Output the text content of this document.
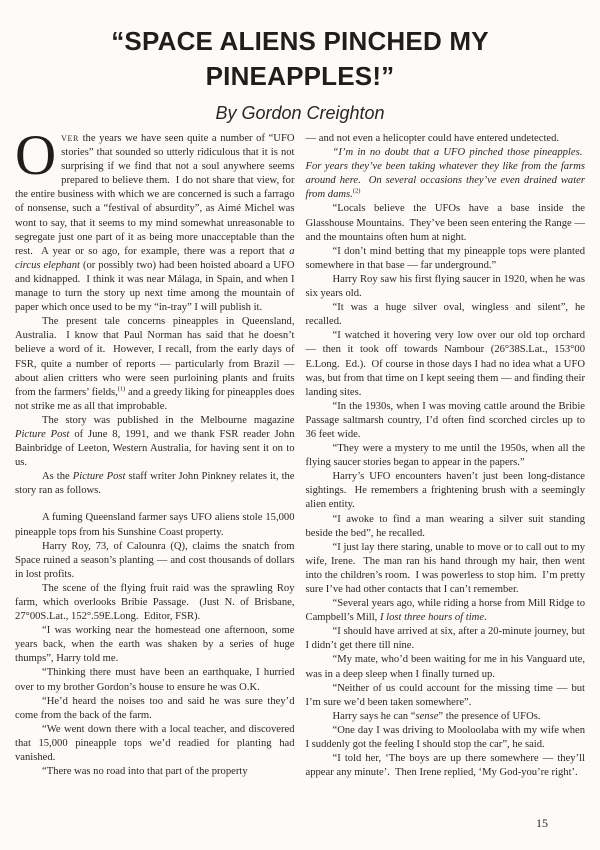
“SPACE ALIENS PINCHED MY PINEAPPLES!”
By Gordon Creighton

OVER the years we have seen quite a number of “UFO stories” that sounded so utterly ridiculous that it is not surprising if we find that not a soul anywhere seems prepared to believe them.  I do not share that view, for the entire business with which we are concerned is such a farrago of nonsense, such a “festival of absurdity”, as Aimé Michel was wont to say, that it seems to my mind somewhat unreasonable to segregate just one part of it as being more unacceptable than the rest.  A year or so ago, for example, there was a report that a circus elephant (or possibly two) had been hoisted aboard a UFO and kidnapped.  I think it was near Málaga, in Spain, and when I manage to turn the story up next time among the mountain of paper which once used to be my “in-tray” I will publish it.

The present tale concerns pineapples in Queensland, Australia.  I know that Paul Norman has said that he doesn’t believe a word of it.  However, I recall, from the early days of FSR, quite a number of reports — particularly from Brazil — about alien critters who were seen purloining plants and fruits from the farmers’ fields,$^{(1)}$ and a greedy liking for pineapples does not strike me as all that improbable.

The story was published in the Melbourne magazine Picture Post of June 8, 1991, and we thank FSR reader John Bainbridge of Leeton, Western Australia, for having sent it on to us.

As the Picture Post staff writer John Pinkney relates it, the story ran as follows.

A fuming Queensland farmer says UFO aliens stole 15,000 pineapple tops from his Sunshine Coast property.

Harry Roy, 73, of Calounra (Q), claims the snatch from Space ruined a season’s planting — and cost thousands of dollars in lost profits.

The scene of the flying fruit raid was the sprawling Roy farm, which overlooks Bribie Passage.  (Just N. of Brisbane, 27°00S.Lat., 152°.59E.Long.  Editor, FSR).

“I was working near the homestead one afternoon, some years back, when the earth was shaken by a series of huge thumps”, Harry told me.

“Thinking there must have been an earthquake, I hurried over to my brother Gordon’s house to ensure he was O.K.

“He’d heard the noises too and said he was sure they’d come from the back of the farm.

“We went down there with a local teacher, and discovered that 15,000 pineapple tops we’d readied for planting had vanished.

“There was no road into that part of the property

— and not even a helicopter could have entered undetected.

“I’m in no doubt that a UFO pinched those pineapples.  For years they’ve been taking whatever they like from the farms around here.  On several occasions they’ve even drained water from dams.$^{(2)}$

“Locals believe the UFOs have a base inside the Glasshouse Mountains.  They’ve been seen entering the Range — and the mountains often hum at night.

“I don’t mind betting that my pineapple tops were planted somewhere in that base — far underground.”

Harry Roy saw his first flying saucer in 1920, when he was six years old.

“It was a huge silver oval, wingless and silent”, he recalled.

“I watched it hovering very low over our old top orchard — then it took off towards Nambour (26°38S.Lat., 153°00 E.Long.  Ed.).  Of course in those days I had no idea what a UFO was, but from that time on I kept seeing them — and finding their landing sites.

“In the 1930s, when I was moving cattle around the Bribie Passage saltmarsh country, I’d often find scorched circles up to 36 feet wide.

“They were a mystery to me until the 1950s, when all the flying saucer stories began to appear in the papers.”

Harry’s UFO encounters haven’t just been long-distance sightings.  He remembers a frightening brush with a seemingly alien entity.

“I awoke to find a man wearing a silver suit standing beside the bed”, he recalled.

“I just lay there staring, unable to move or to call out to my wife, Irene.  The man ran his hand through my hair, then went into the children’s room.  I was powerless to stop him.  I’m pretty sure I’ve had other contacts that I can’t remember.

“Several years ago, while riding a horse from Mill Ridge to Campbell’s Mill, I lost three hours of time.

“I should have arrived at six, after a 20-minute journey, but I didn’t get there till nine.

“My mate, who’d been waiting for me in his Vanguard ute, was in a deep sleep when I finally turned up.

“Neither of us could account for the missing time — but I’m sure we’d been taken somewhere”.

Harry says he can “sense” the presence of UFOs.

“One day I was driving to Mooloolaba with my wife when I suddenly got the feeling I should stop the car”, he said.

“I told her, ‘The boys are up there somewhere — they’ll appear any minute’.  Then Irene replied, ‘My God-you’re right’.

15
